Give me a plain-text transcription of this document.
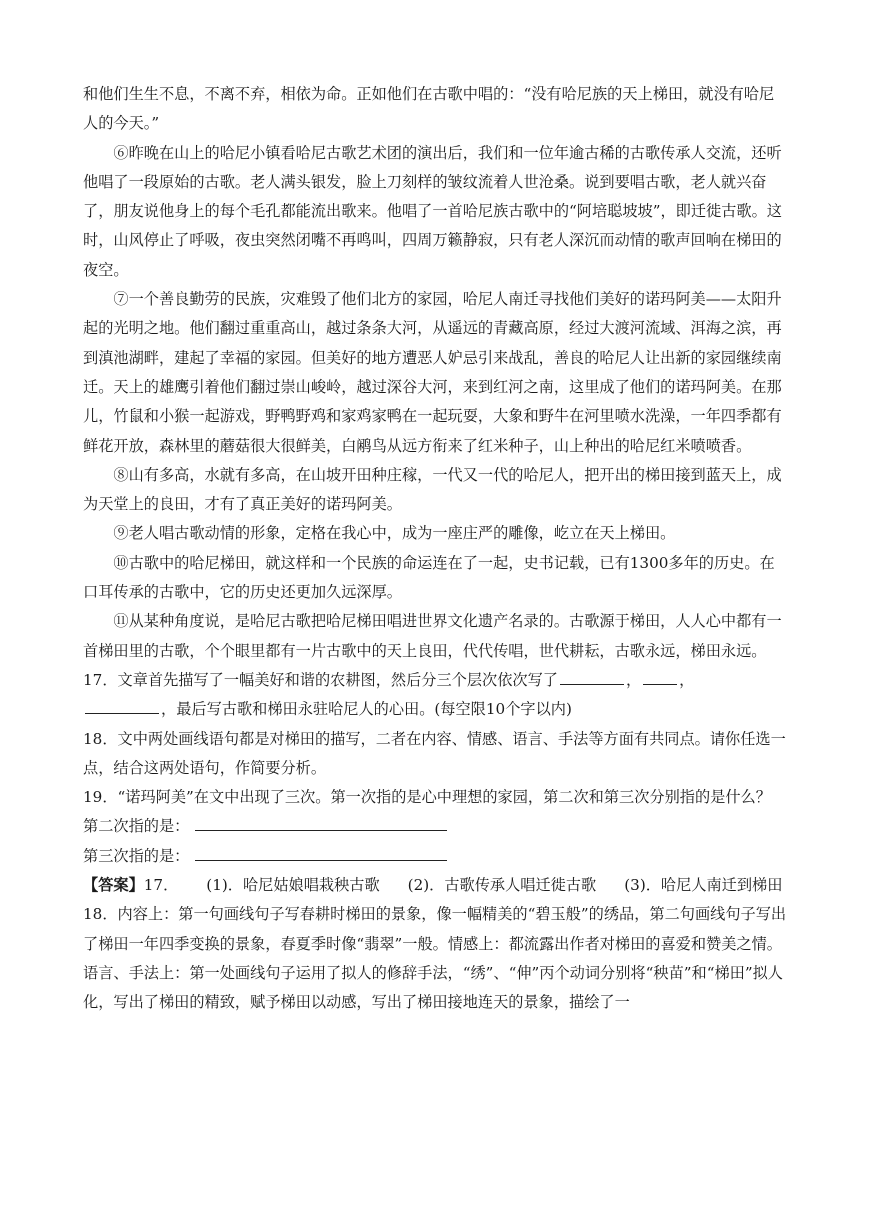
和他们生生不息，不离不弃，相依为命。正如他们在古歌中唱的：“没有哈尼族的天上梯田，就没有哈尼人的今天。”

⑥昨晚在山上的哈尼小镇看哈尼古歌艺术团的演出后，我们和一位年逾古稀的古歌传承人交流，还听他唱了一段原始的古歌。老人满头银发，脸上刀刻样的皱纹流着人世沧桑。说到要唱古歌，老人就兴奋了，朋友说他身上的每个毛孔都能流出歌来。他唱了一首哈尼族古歌中的“阿培聪坡坡”，即迁徙古歌。这时，山风停止了呼吸，夜虫突然闭嘴不再鸣叫，四周万籁静寂，只有老人深沉而动情的歌声回响在梯田的夜空。

⑦一个善良勤劳的民族，灾难毁了他们北方的家园，哈尼人南迁寻找他们美好的诺玛阿美——太阳升起的光明之地。他们翻过重重高山，越过条条大河，从遥远的青藏高原，经过大渡河流域、洱海之滨，再到滇池湖畔，建起了幸福的家园。但美好的地方遭恶人妒忌引来战乱，善良的哈尼人让出新的家园继续南迁。天上的雄鹰引着他们翻过崇山峻岭，越过深谷大河，来到红河之南，这里成了他们的诺玛阿美。在那儿，竹鼠和小猴一起游戏，野鸭野鸡和家鸡家鸭在一起玩耍，大象和野牛在河里喷水洗澡，一年四季都有鲜花开放，森林里的蘑菇很大很鲜美，白鹇鸟从远方衔来了红米种子，山上种出的哈尼红米喷喷香。

⑧山有多高，水就有多高，在山坡开田种庄稼，一代又一代的哈尼人，把开出的梯田接到蓝天上，成为天堂上的良田，才有了真正美好的诺玛阿美。

⑨老人唱古歌动情的形象，定格在我心中，成为一座庄严的雕像，屹立在天上梯田。

⑩古歌中的哈尼梯田，就这样和一个民族的命运连在了一起，史书记载，已有1300多年的历史。在口耳传承的古歌中，它的历史还更加久远深厚。

⑪从某种角度说，是哈尼古歌把哈尼梯田唱进世界文化遗产名录的。古歌源于梯田，人人心中都有一首梯田里的古歌，个个眼里都有一片古歌中的天上良田，代代传唱，世代耕耘，古歌永远，梯田永远。

17．文章首先描写了一幅美好和谐的农耕图，然后分三个层次依次写了	，	，
，最后写古歌和梯田永驻哈尼人的心田。(每空限10个字以内)

18．文中两处画线语句都是对梯田的描写，二者在内容、情感、语言、手法等方面有共同点。请你任选一点，结合这两处语句，作简要分析。

19．“诺玛阿美”在文中出现了三次。第一次指的是心中理想的家园，第二次和第三次分别指的是什么？

第二次指的是：

第三次指的是：

【答案】17． (1)．哈尼姑娘唱栽秧古歌 (2)．古歌传承人唱迁徙古歌 (3)．哈尼人南迁到梯田

18．内容上：第一句画线句子写春耕时梯田的景象，像一幅精美的“碧玉般”的绣品，第二句画线句子写出了梯田一年四季变换的景象，春夏季时像“翡翠”一般。情感上：都流露出作者对梯田的喜爱和赞美之情。语言、手法上：第一处画线句子运用了拟人的修辞手法，“绣”、“伸”丙个动词分别将“秧苗”和“梯田”拟人化，写出了梯田的精致，赋予梯田以动感，写出了梯田接地连天的景象，描绘了一
